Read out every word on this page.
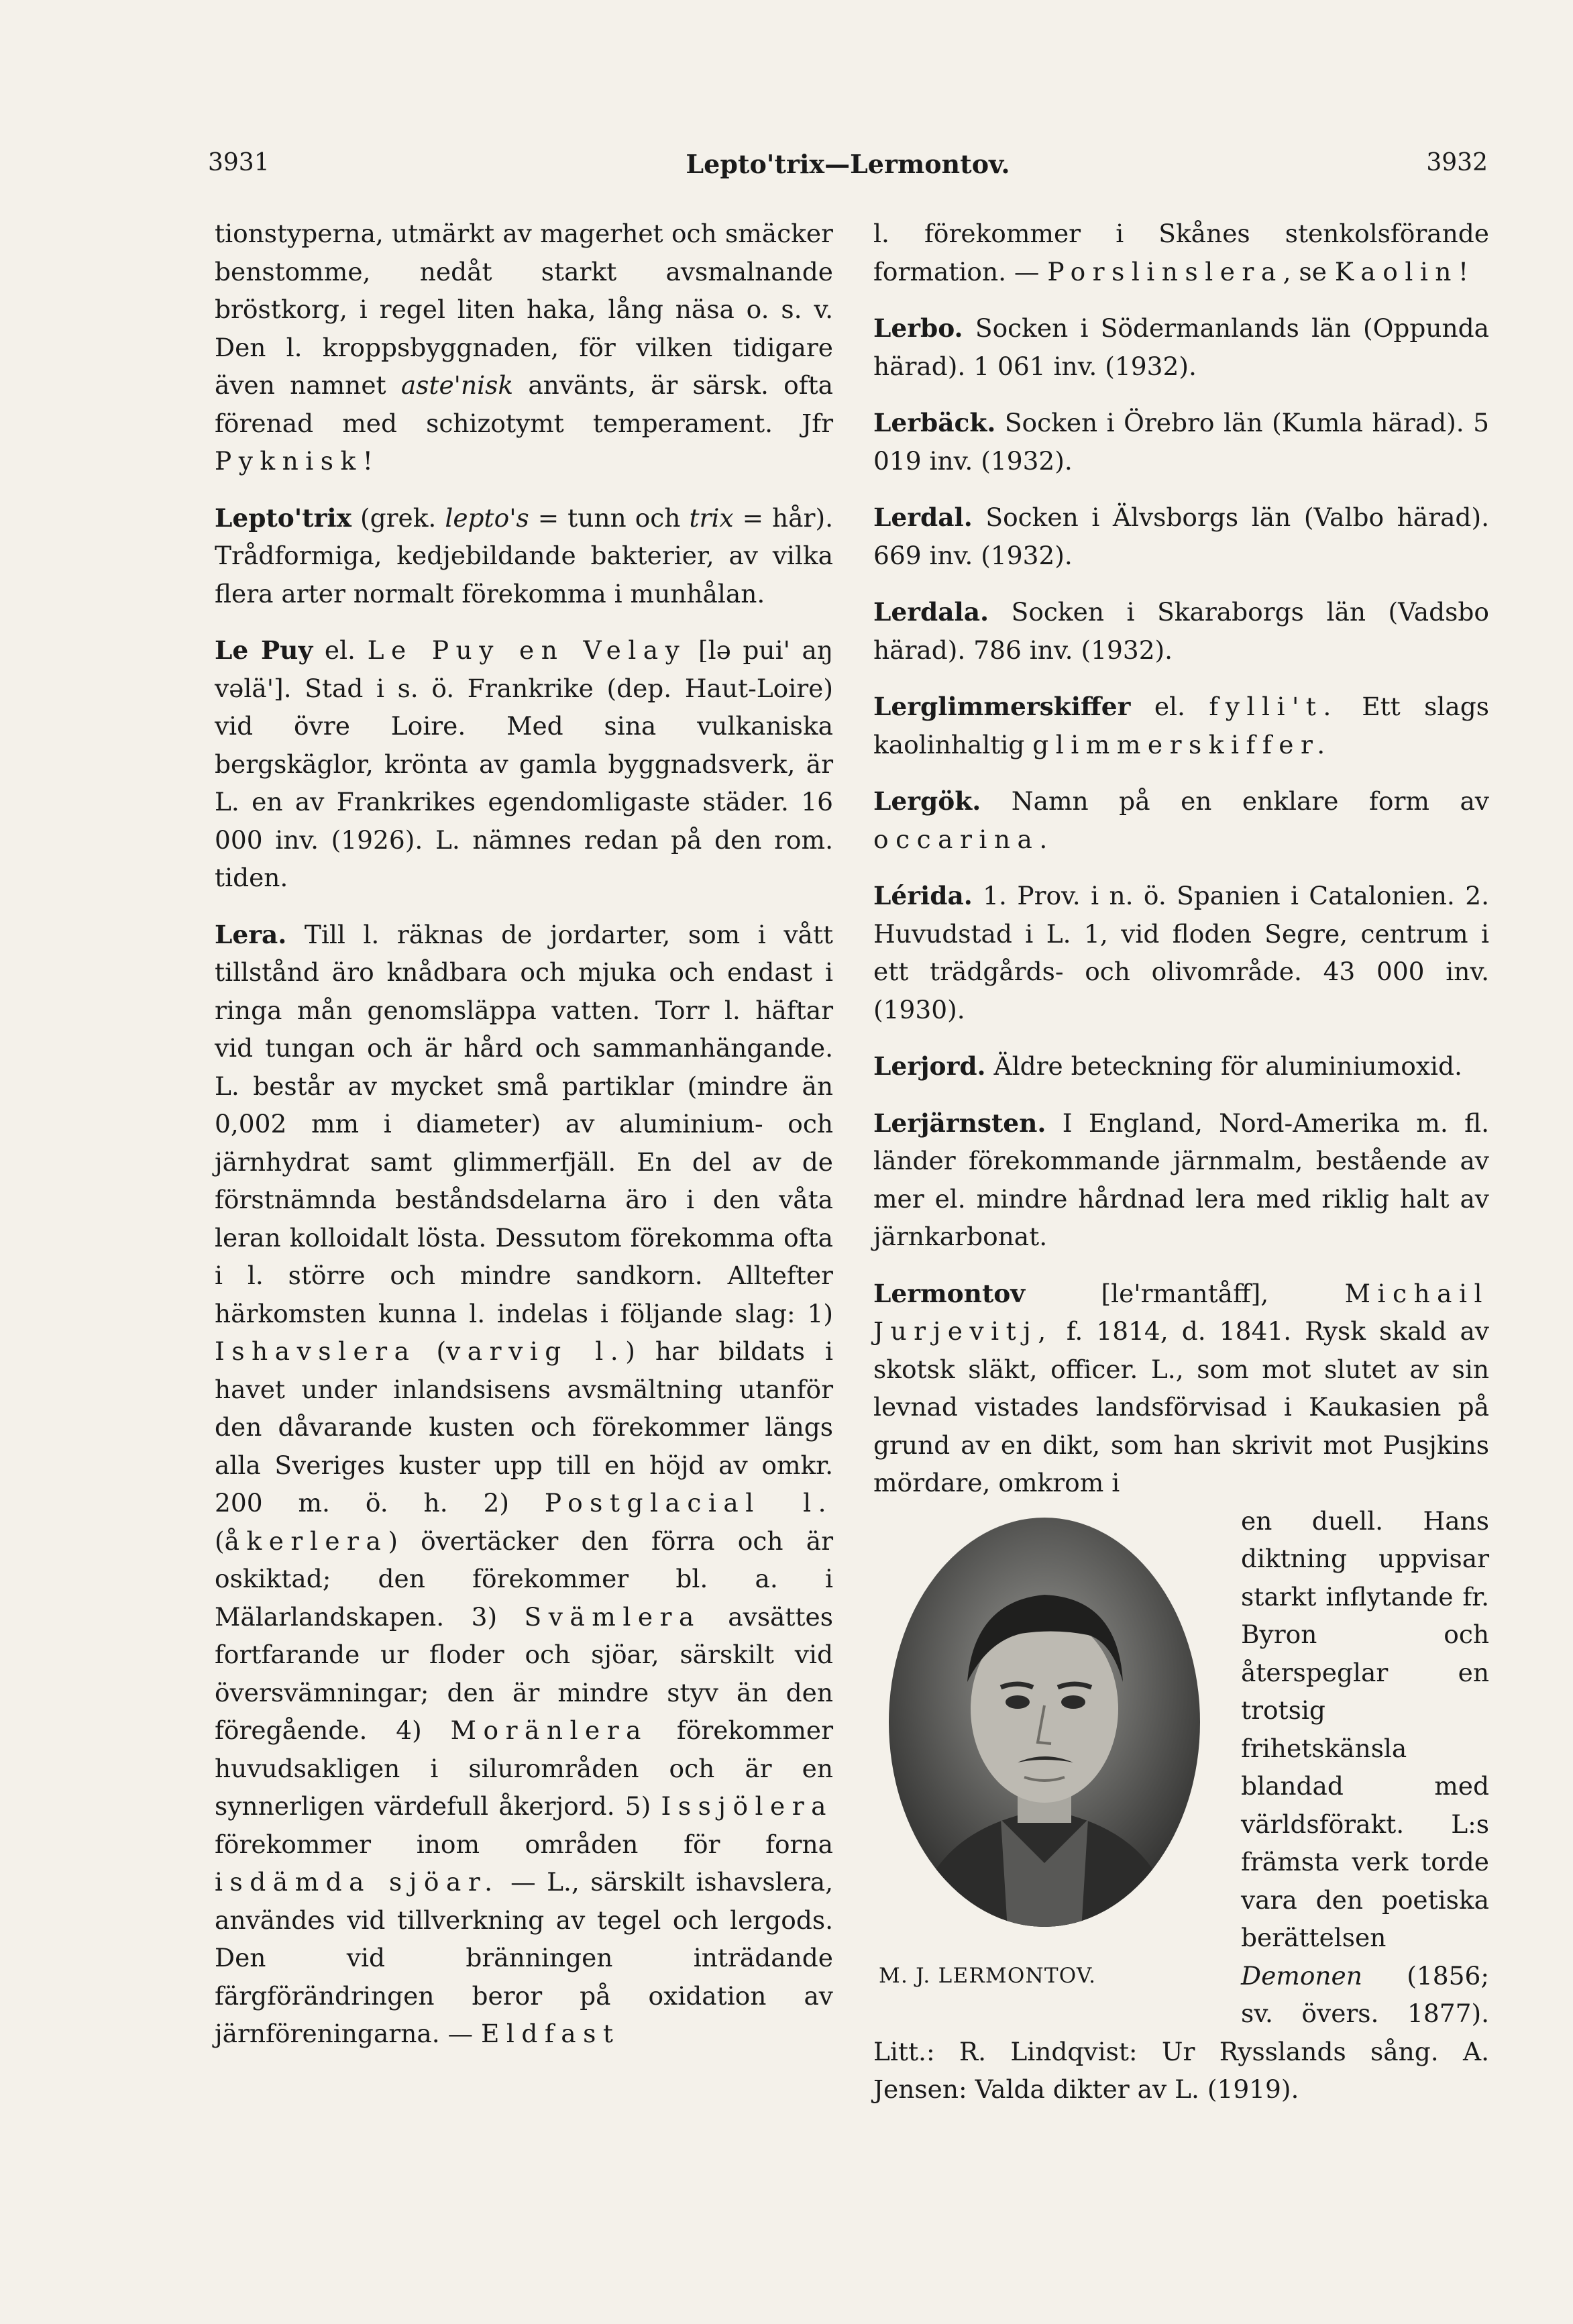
3931	Lepto'trix—Lermontov.	3932

tionstyperna, utmärkt av magerhet och smäcker benstomme, nedåt starkt avsmalnande bröstkorg, i regel liten haka, lång näsa o. s. v. Den l. kroppsbyggnaden, för vilken tidigare även namnet aste'nisk använts, är särsk. ofta förenad med schizotymt temperament. Jfr Pyknisk!

Lepto'trix (grek. lepto's = tunn och trix = hår). Trådformiga, kedjebildande bakterier, av vilka flera arter normalt förekomma i munhålan.

Le Puy el. Le Puy en Velay [lə pui' aŋ vəlä']. Stad i s. ö. Frankrike (dep. Haut-Loire) vid övre Loire. Med sina vulkaniska bergskäglor, krönta av gamla byggnadsverk, är L. en av Frankrikes egendomligaste städer. 16 000 inv. (1926). L. nämnes redan på den rom. tiden.

Lera. Till l. räknas de jordarter, som i vått tillstånd äro knådbara och mjuka och endast i ringa mån genomsläppa vatten. Torr l. häftar vid tungan och är hård och sammanhängande. L. består av mycket små partiklar (mindre än 0,002 mm i diameter) av aluminium- och järnhydrat samt glimmerfjäll. En del av de förstnämnda beståndsdelarna äro i den våta leran kolloidalt lösta. Dessutom förekomma ofta i l. större och mindre sandkorn. Alltefter härkomsten kunna l. indelas i följande slag: 1) Ishavslera (varvig l.) har bildats i havet under inlandsisens avsmältning utanför den dåvarande kusten och förekommer längs alla Sveriges kuster upp till en höjd av omkr. 200 m. ö. h. 2) Postglacial l. (åkerlera) övertäcker den förra och är oskiktad; den förekommer bl. a. i Mälarlandskapen. 3) Svämlera avsättes fortfarande ur floder och sjöar, särskilt vid översvämningar; den är mindre styv än den föregående. 4) Moränlera förekommer huvudsakligen i silurområden och är en synnerligen värdefull åkerjord. 5) Issjölera förekommer inom områden för forna isdämda sjöar. — L., särskilt ishavslera, användes vid tillverkning av tegel och lergods. Den vid bränningen inträdande färgförändringen beror på oxidation av järnföreningarna. — Eldfast

l. förekommer i Skånes stenkolsförande formation. — Porslinslera, se Kaolin!

Lerbo. Socken i Södermanlands län (Oppunda härad). 1 061 inv. (1932).

Lerbäck. Socken i Örebro län (Kumla härad). 5 019 inv. (1932).

Lerdal. Socken i Älvsborgs län (Valbo härad). 669 inv. (1932).

Lerdala. Socken i Skaraborgs län (Vadsbo härad). 786 inv. (1932).

Lerglimmerskiffer el. fylli't. Ett slags kaolinhaltig glimmerskiffer.

Lergök. Namn på en enklare form av occarina.

Lérida. 1. Prov. i n. ö. Spanien i Catalonien. 2. Huvudstad i L. 1, vid floden Segre, centrum i ett trädgårds- och olivområde. 43 000 inv. (1930).

Lerjord. Äldre beteckning för aluminiumoxid.

Lerjärnsten. I England, Nord-Amerika m. fl. länder förekommande järnmalm, bestående av mer el. mindre hårdnad lera med riklig halt av järnkarbonat.

Lermontov [le'rmantåff], Michail Jurjevitj, f. 1814, d. 1841. Rysk skald av skotsk släkt, officer. L., som mot slutet av sin levnad vistades landsförvisad i Kaukasien på grund av en dikt, som han skrivit mot Pusjkins mördare, omkrom i

M. J. LERMONTOV.

en duell. Hans diktning uppvisar starkt inflytande fr. Byron och återspeglar en trotsig frihetskänsla blandad med världsförakt. L:s främsta verk torde vara den poetiska berättelsen Demonen (1856; sv. övers. 1877). Litt.: R. Lindqvist: Ur Rysslands sång. A. Jensen: Valda dikter av L. (1919).
